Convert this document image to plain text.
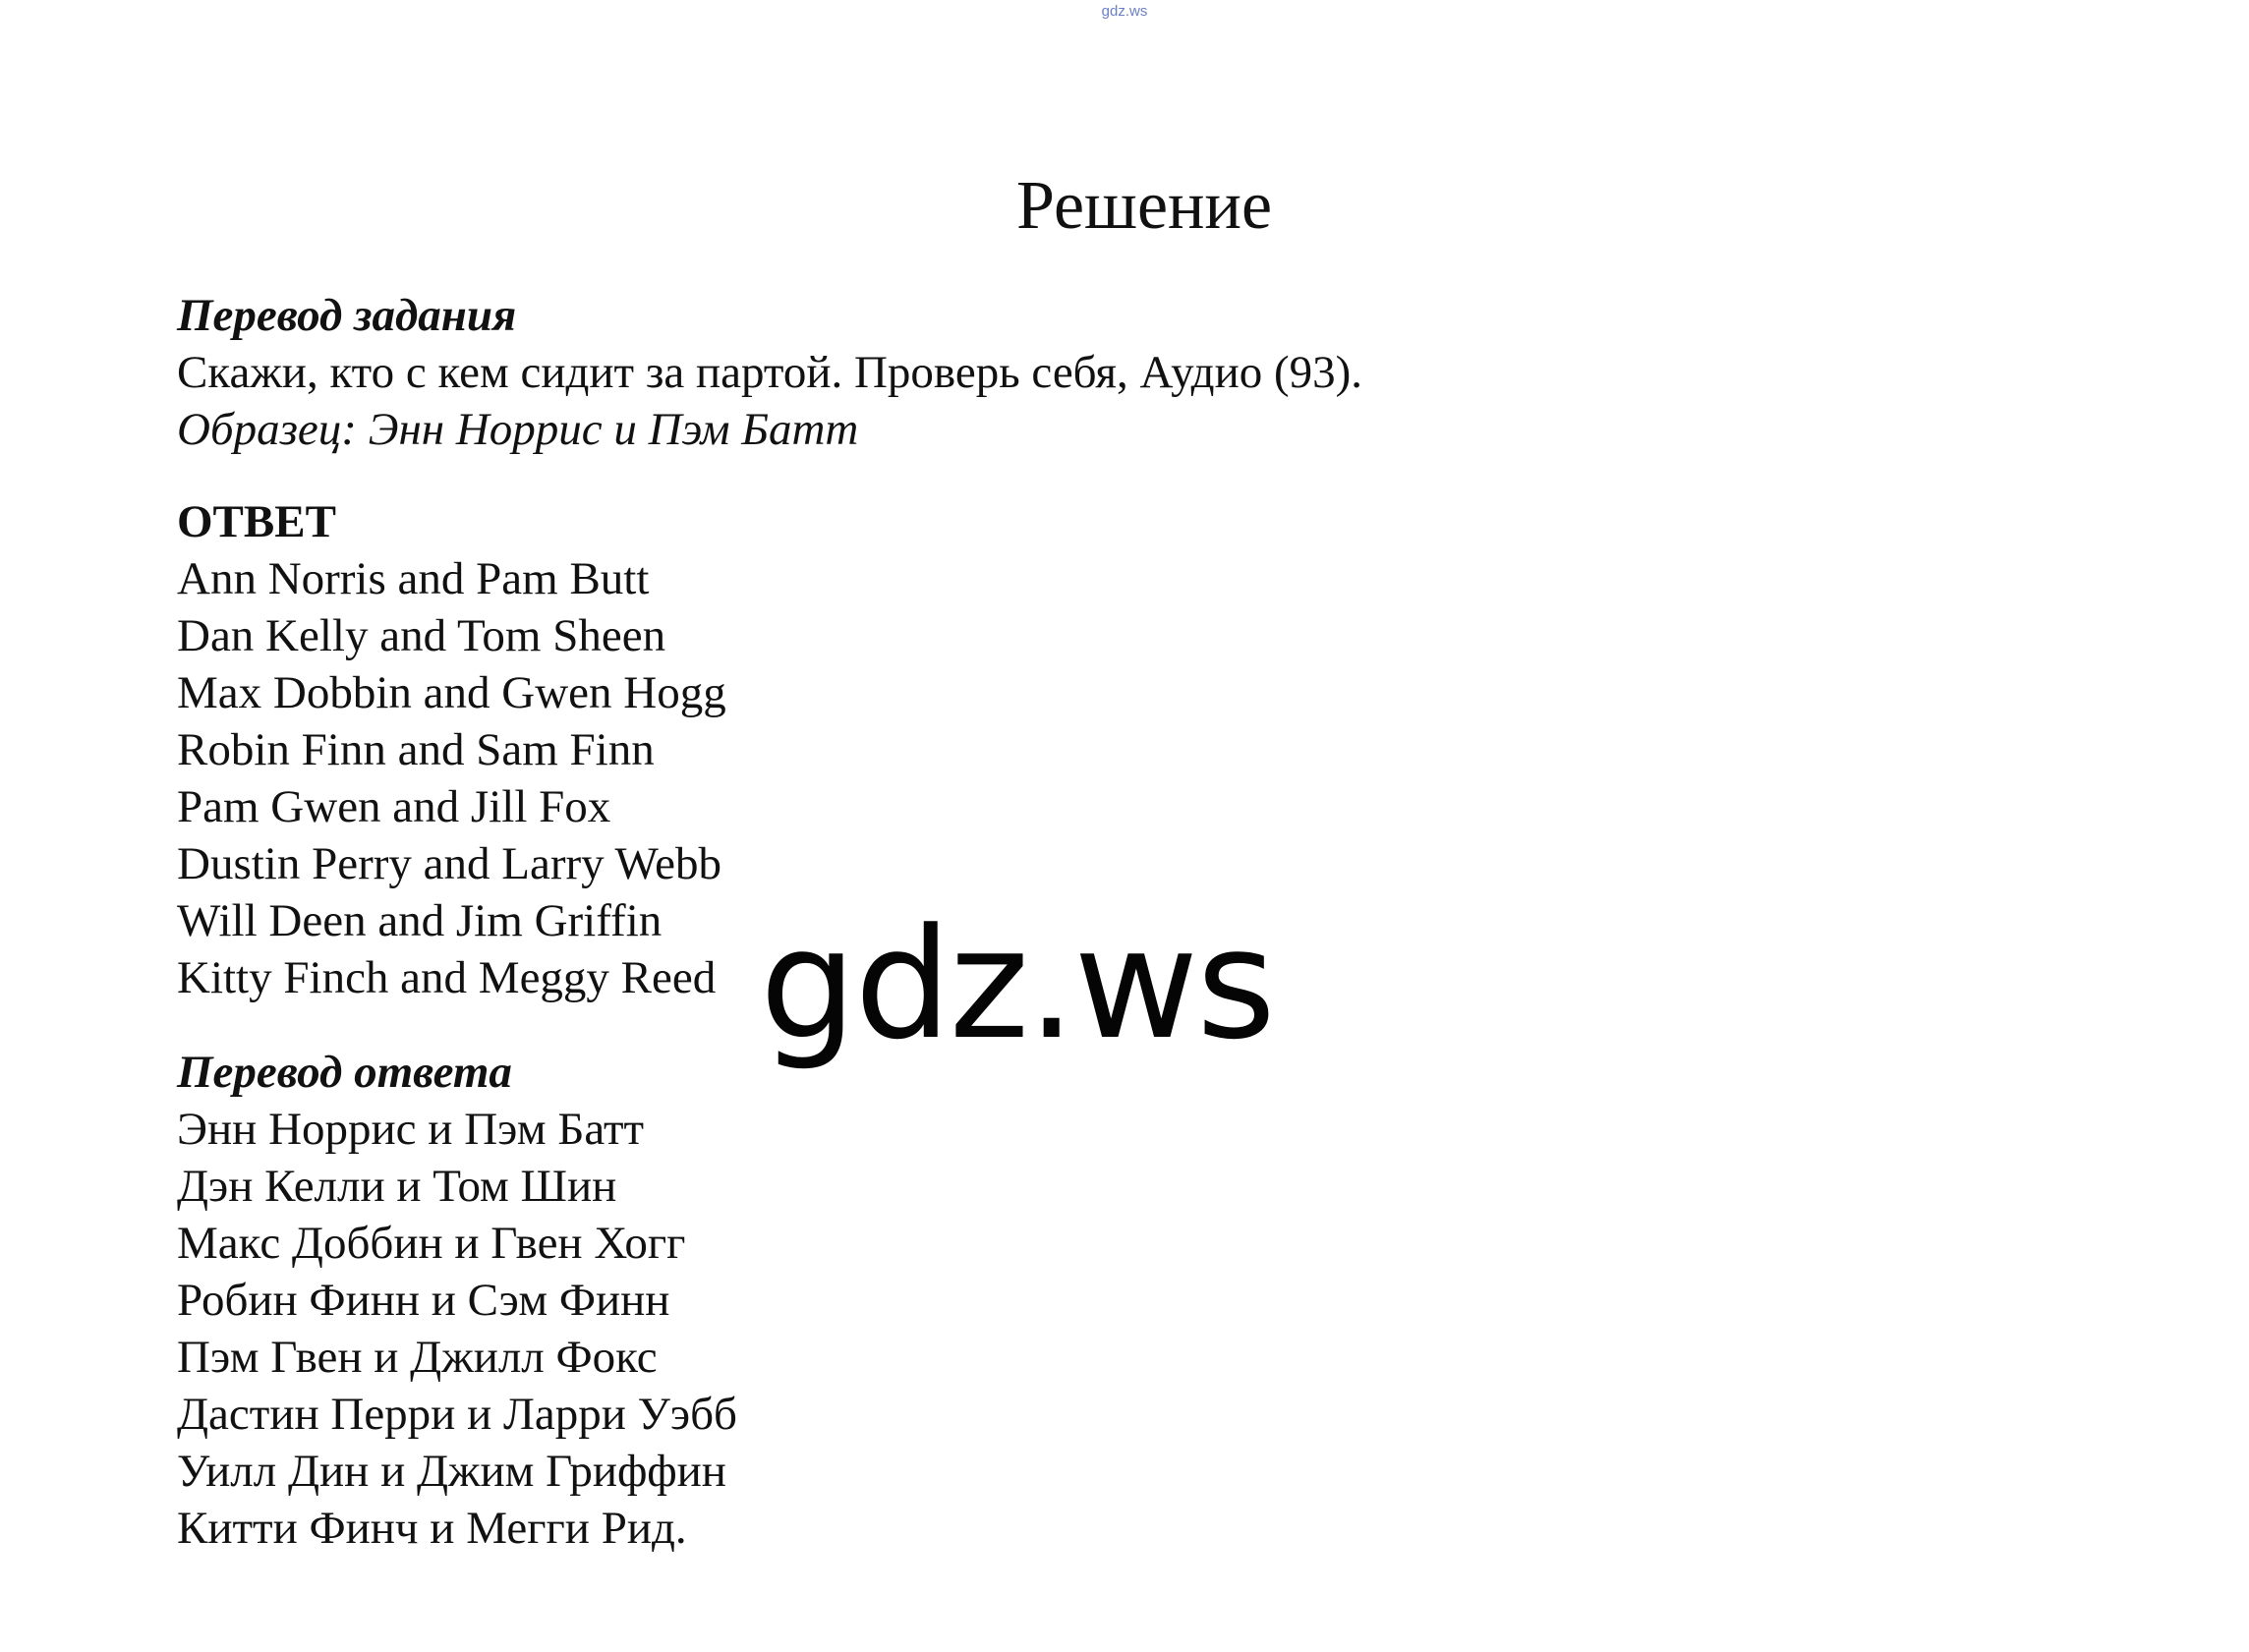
gdz.ws
Решение
Перевод задания
Скажи, кто с кем сидит за партой. Проверь себя, Аудио (93).
Образец: Энн Норрис и Пэм Батт
ОТВЕТ
Ann Norris and Pam Butt
Dan Kelly and Tom Sheen
Max Dobbin and Gwen Hogg
Robin Finn and Sam Finn
Pam Gwen and Jill Fox
Dustin Perry and Larry Webb
Will Deen and Jim Griffin
Kitty Finch and Meggy Reed
Перевод ответа
Энн Норрис и Пэм Батт
Дэн Келли и Том Шин
Макс Доббин и Гвен Хогг
Робин Финн и Сэм Финн
Пэм Гвен и Джилл Фокс
Дастин Перри и Ларри Уэбб
Уилл Дин и Джим Гриффин
Китти Финч и Мегги Рид.
gdz.ws
